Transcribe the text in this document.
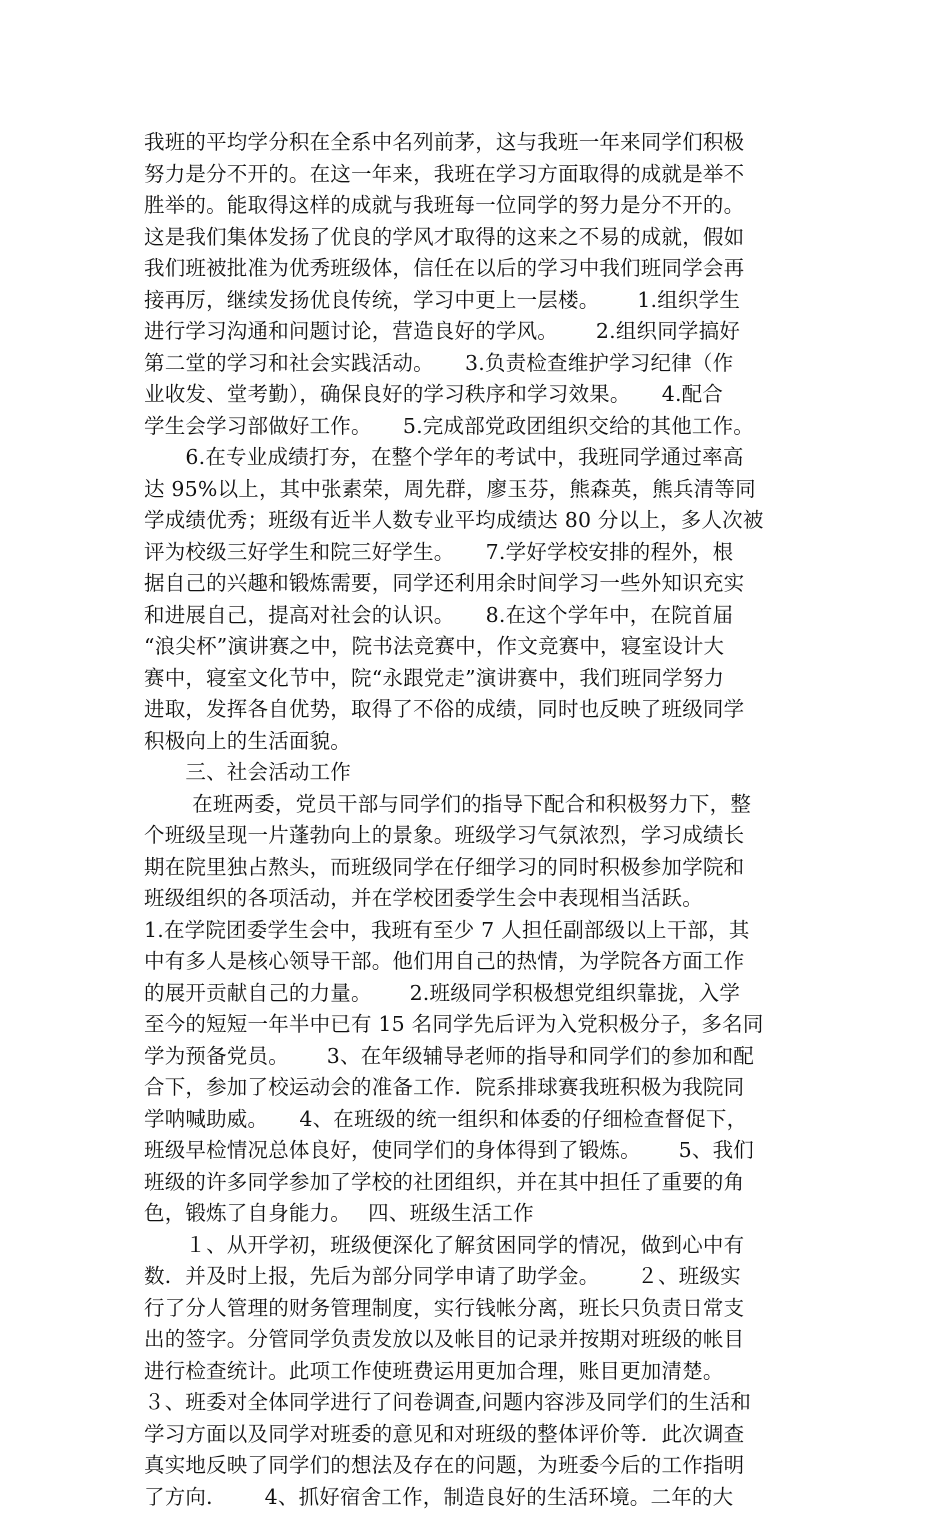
我班的平均学分积在全系中名列前茅，这与我班一年来同学们积极
努力是分不开的。在这一年来，我班在学习方面取得的成就是举不
胜举的。能取得这样的成就与我班每一位同学的努力是分不开的。
这是我们集体发扬了优良的学风才取得的这来之不易的成就，假如
我们班被批准为优秀班级体，信任在以后的学习中我们班同学会再
接再厉，继续发扬优良传统，学习中更上一层楼。　　 1.组织学生
进行学习沟通和问题讨论，营造良好的学风。　　 2.组织同学搞好
第二堂的学习和社会实践活动。　　3.负责检查维护学习纪律（作
业收发、堂考勤），确保良好的学习秩序和学习效果。　　4.配合
学生会学习部做好工作。　　5.完成部党政团组织交给的其他工作。
　　6.在专业成绩打夯，在整个学年的考试中，我班同学通过率高
达 95%以上，其中张素荣，周先群，廖玉芬，熊森英，熊兵清等同
学成绩优秀；班级有近半人数专业平均成绩达 80 分以上，多人次被
评为校级三好学生和院三好学生。　　7.学好学校安排的程外，根
据自己的兴趣和锻炼需要，同学还利用余时间学习一些外知识充实
和进展自己，提高对社会的认识。　　8.在这个学年中，在院首届
“浪尖杯”演讲赛之中，院书法竞赛中，作文竞赛中，寝室设计大
赛中，寝室文化节中，院“永跟党走”演讲赛中，我们班同学努力
进取，发挥各自优势，取得了不俗的成绩，同时也反映了班级同学
积极向上的生活面貌。
　　三、社会活动工作
　　 在班两委，党员干部与同学们的指导下配合和积极努力下，整
个班级呈现一片蓬勃向上的景象。班级学习气氛浓烈，学习成绩长
期在院里独占熬头，而班级同学在仔细学习的同时积极参加学院和
班级组织的各项活动，并在学校团委学生会中表现相当活跃。
1.在学院团委学生会中，我班有至少 7 人担任副部级以上干部，其
中有多人是核心领导干部。他们用自己的热情，为学院各方面工作
的展开贡献自己的力量。　　 2.班级同学积极想党组织靠拢，入学
至今的短短一年半中已有 15 名同学先后评为入党积极分子，多名同
学为预备党员。　　 3、在年级辅导老师的指导和同学们的参加和配
合下，参加了校运动会的准备工作．院系排球赛我班积极为我院同
学呐喊助威。　　4、在班级的统一组织和体委的仔细检查督促下，
班级早检情况总体良好，使同学们的身体得到了锻炼。　　 5、我们
班级的许多同学参加了学校的社团组织，并在其中担任了重要的角
色，锻炼了自身能力。　 四、班级生活工作
　　１、从开学初，班级便深化了解贫困同学的情况，做到心中有
数．并及时上报，先后为部分同学申请了助学金。　　 ２、班级实
行了分人管理的财务管理制度，实行钱帐分离，班长只负责日常支
出的签字。分管同学负责发放以及帐目的记录并按期对班级的帐目
进行检查统计。此项工作使班费运用更加合理，账目更加清楚。
３、班委对全体同学进行了问卷调查,问题内容涉及同学们的生活和
学习方面以及同学对班委的意见和对班级的整体评价等．此次调查
真实地反映了同学们的想法及存在的问题，为班委今后的工作指明
了方向．　　 4、抓好宿舍工作，制造良好的生活环境。二年的大
